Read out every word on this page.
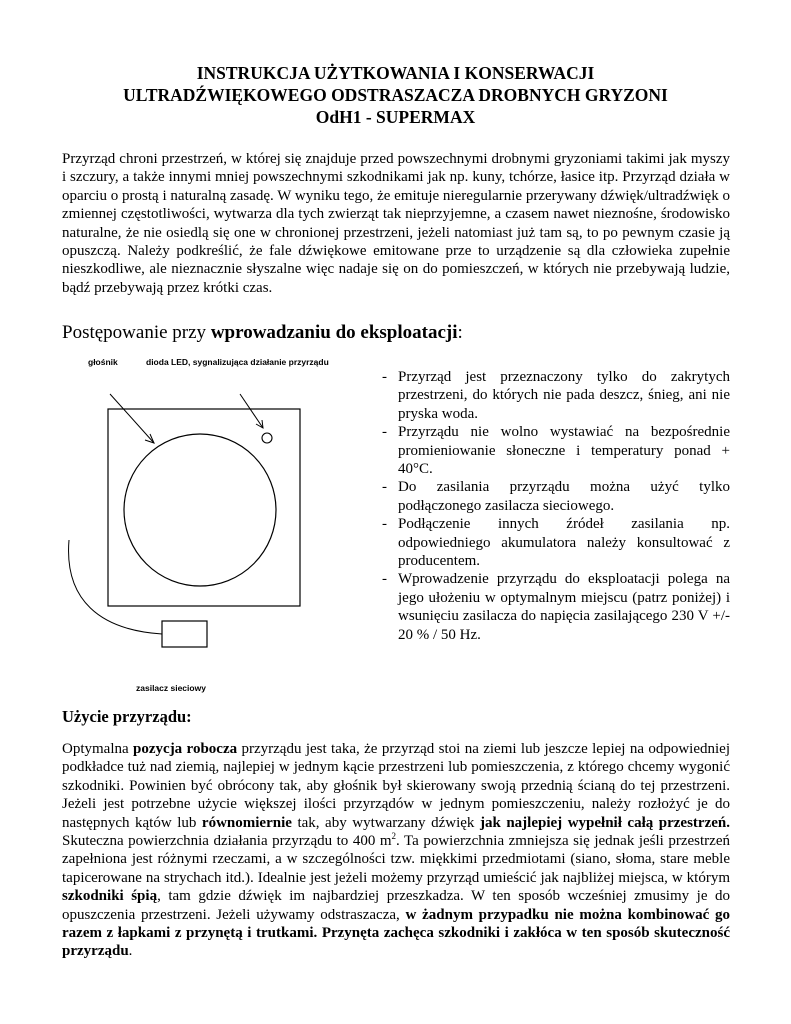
INSTRUKCJA UŻYTKOWANIA I KONSERWACJI
ULTRADŹWIĘKOWEGO ODSTRASZACZA DROBNYCH GRYZONI
OdH1 - SUPERMAX
Przyrząd chroni przestrzeń, w której się znajduje przed powszechnymi drobnymi gryzoniami takimi jak myszy i szczury, a także innymi mniej powszechnymi szkodnikami jak np. kuny, tchórze, łasice itp. Przyrząd działa w oparciu o prostą i naturalną zasadę. W wyniku tego, że emituje nieregularnie przerywany dźwięk/ultradźwięk o zmiennej częstotliwości, wytwarza dla tych zwierząt tak nieprzyjemne, a czasem nawet nieznośne, środowisko naturalne, że nie osiedlą się one w chronionej przestrzeni, jeżeli natomiast już tam są, to po pewnym czasie ją opuszczą. Należy podkreślić, że fale dźwiękowe emitowane prze to urządzenie są dla człowieka zupełnie nieszkodliwe, ale nieznacznie słyszalne więc nadaje się on do pomieszczeń, w których nie przebywają ludzie, bądź przebywają przez krótki czas.
Postępowanie przy wprowadzaniu do eksploatacji:
głośnik	dioda LED, sygnalizująca działanie przyrządu
zasilacz sieciowy
- Przyrząd jest przeznaczony tylko do zakrytych przestrzeni, do których nie pada deszcz, śnieg, ani nie pryska woda.
- Przyrządu nie wolno wystawiać na bezpośrednie promieniowanie słoneczne i temperatury ponad + 40°C.
- Do zasilania przyrządu można użyć tylko podłączonego zasilacza sieciowego.
- Podłączenie innych źródeł zasilania np. odpowiedniego akumulatora należy konsultować z producentem.
- Wprowadzenie przyrządu do eksploatacji polega na jego ułożeniu w optymalnym miejscu (patrz poniżej) i wsunięciu zasilacza do napięcia zasilającego 230 V +/- 20 % / 50 Hz.
Użycie przyrządu:
Optymalna pozycja robocza przyrządu jest taka, że przyrząd stoi na ziemi lub jeszcze lepiej na odpowiedniej podkładce tuż nad ziemią, najlepiej w jednym kącie przestrzeni lub pomieszczenia, z którego chcemy wygonić szkodniki. Powinien być obrócony tak, aby głośnik był skierowany swoją przednią ścianą do tej przestrzeni. Jeżeli jest potrzebne użycie większej ilości przyrządów w jednym pomieszczeniu, należy rozłożyć je do następnych kątów lub równomiernie tak, aby wytwarzany dźwięk jak najlepiej wypełnił całą przestrzeń. Skuteczna powierzchnia działania przyrządu to 400 $m^2$. Ta powierzchnia zmniejsza się jednak jeśli przestrzeń zapełniona jest różnymi rzeczami, a w szczególności tzw. miękkimi przedmiotami (siano, słoma, stare meble tapicerowane na strychach itd.). Idealnie jest jeżeli możemy przyrząd umieścić jak najbliżej miejsca, w którym szkodniki śpią, tam gdzie dźwięk im najbardziej przeszkadza. W ten sposób wcześniej zmusimy je do opuszczenia przestrzeni. Jeżeli używamy odstraszacza, w żadnym przypadku nie można kombinować go razem z łapkami z przynętą i trutkami. Przynęta zachęca szkodniki i zakłóca w ten sposób skuteczność przyrządu.
